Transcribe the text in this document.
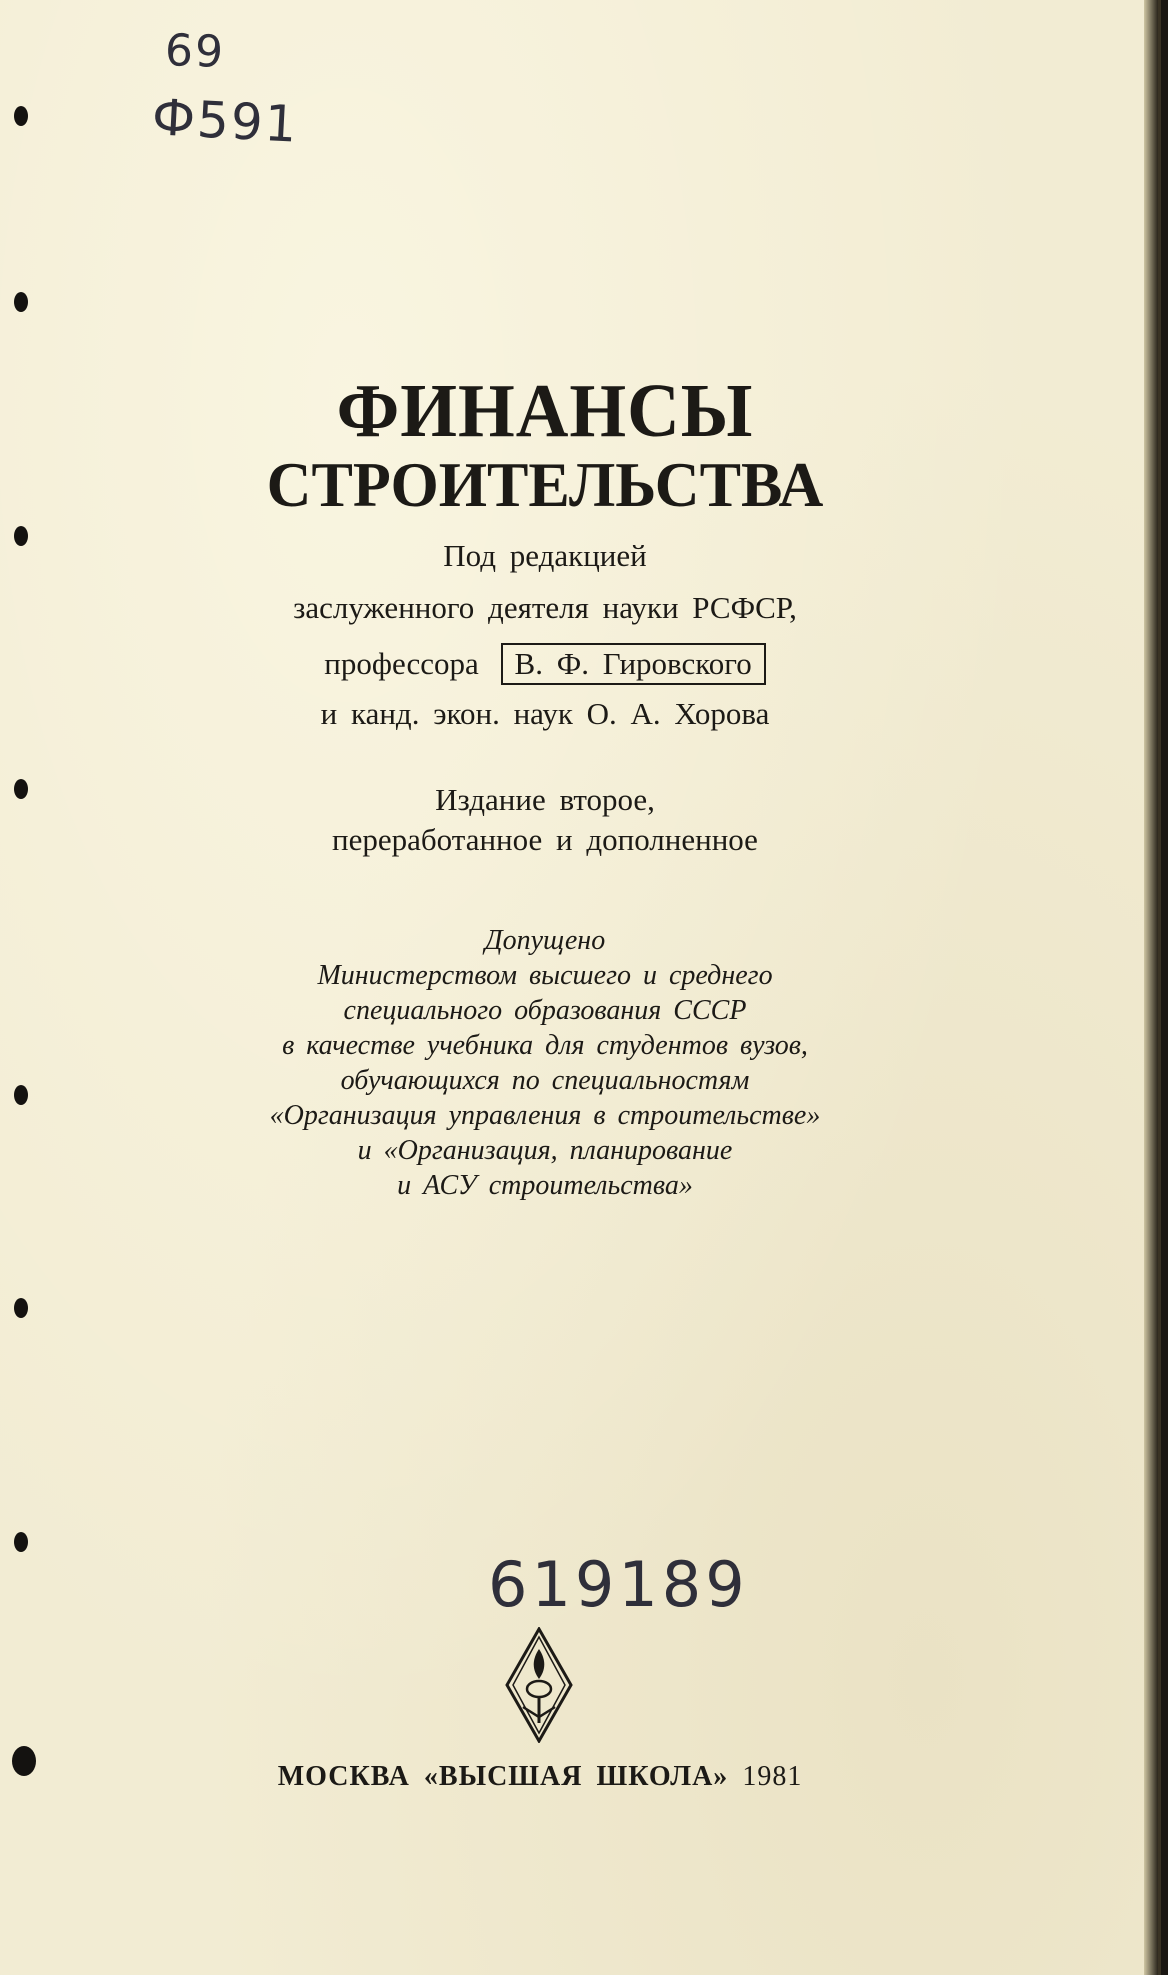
69
Ф591
ФИНАНСЫ
СТРОИТЕЛЬСТВА
Под редакцией
заслуженного деятеля науки РСФСР,
профессора В. Ф. Гировского
и канд. экон. наук О. А. Хорова
Издание второе,
переработанное и дополненное
Допущено
Министерством высшего и среднего
специального образования СССР
в качестве учебника для студентов вузов,
обучающихся по специальностям
«Организация управления в строительстве»
и «Организация, планирование
и АСУ строительства»
619189
МОСКВА «ВЫСШАЯ ШКОЛА» 1981
